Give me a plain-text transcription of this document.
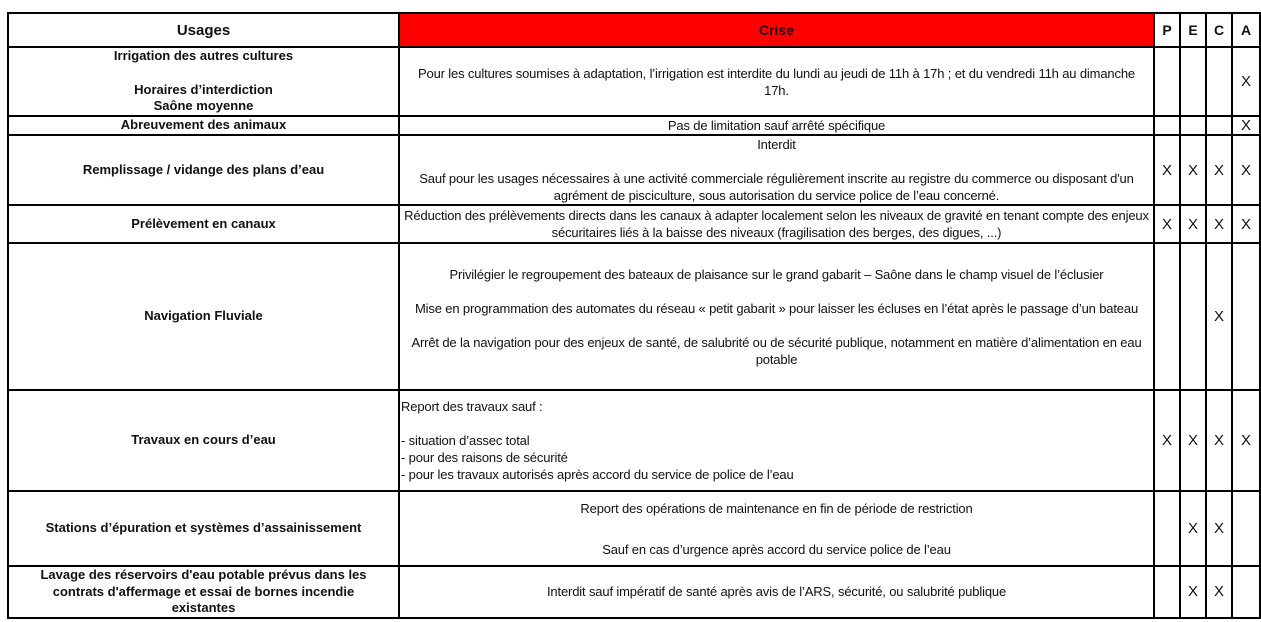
Usages	Crise	P	E	C	A

Irrigation des autres cultures
Horaires d’interdiction
Saône moyenne	Pour les cultures soumises à adaptation, l’irrigation est interdite du lundi au jeudi de 11h à 17h ; et du vendredi 11h au dimanche 17h.				X
Abreuvement des animaux	Pas de limitation sauf arrêté spécifique				X
Remplissage / vidange des plans d’eau	Interdit
Sauf pour les usages nécessaires à une activité commerciale régulièrement inscrite au registre du commerce ou disposant d'un agrément de pisciculture, sous autorisation du service police de l’eau concerné.	X	X	X	X
Prélèvement en canaux	Réduction des prélèvements directs dans les canaux à adapter localement selon les niveaux de gravité en tenant compte des enjeux sécuritaires liés à la baisse des niveaux (fragilisation des berges, des digues, ...)	X	X	X	X
Navigation Fluviale	Privilégier le regroupement des bateaux de plaisance sur le grand gabarit – Saône dans le champ visuel de l’éclusier
Mise en programmation des automates du réseau « petit gabarit » pour laisser les écluses en l’état après le passage d’un bateau
Arrêt de la navigation pour des enjeux de santé, de salubrité ou de sécurité publique, notamment en matière d’alimentation en eau potable			X	
Travaux en cours d’eau	Report des travaux sauf :
- situation d’assec total
- pour des raisons de sécurité
- pour les travaux autorisés après accord du service de police de l’eau	X	X	X	X
Stations d’épuration et systèmes d’assainissement	Report des opérations de maintenance en fin de période de restriction
Sauf en cas d’urgence après accord du service police de l’eau		X	X	
Lavage des réservoirs d'eau potable prévus dans les contrats d'affermage et essai de bornes incendie existantes	Interdit sauf impératif de santé après avis de l’ARS, sécurité, ou salubrité publique		X	X	
